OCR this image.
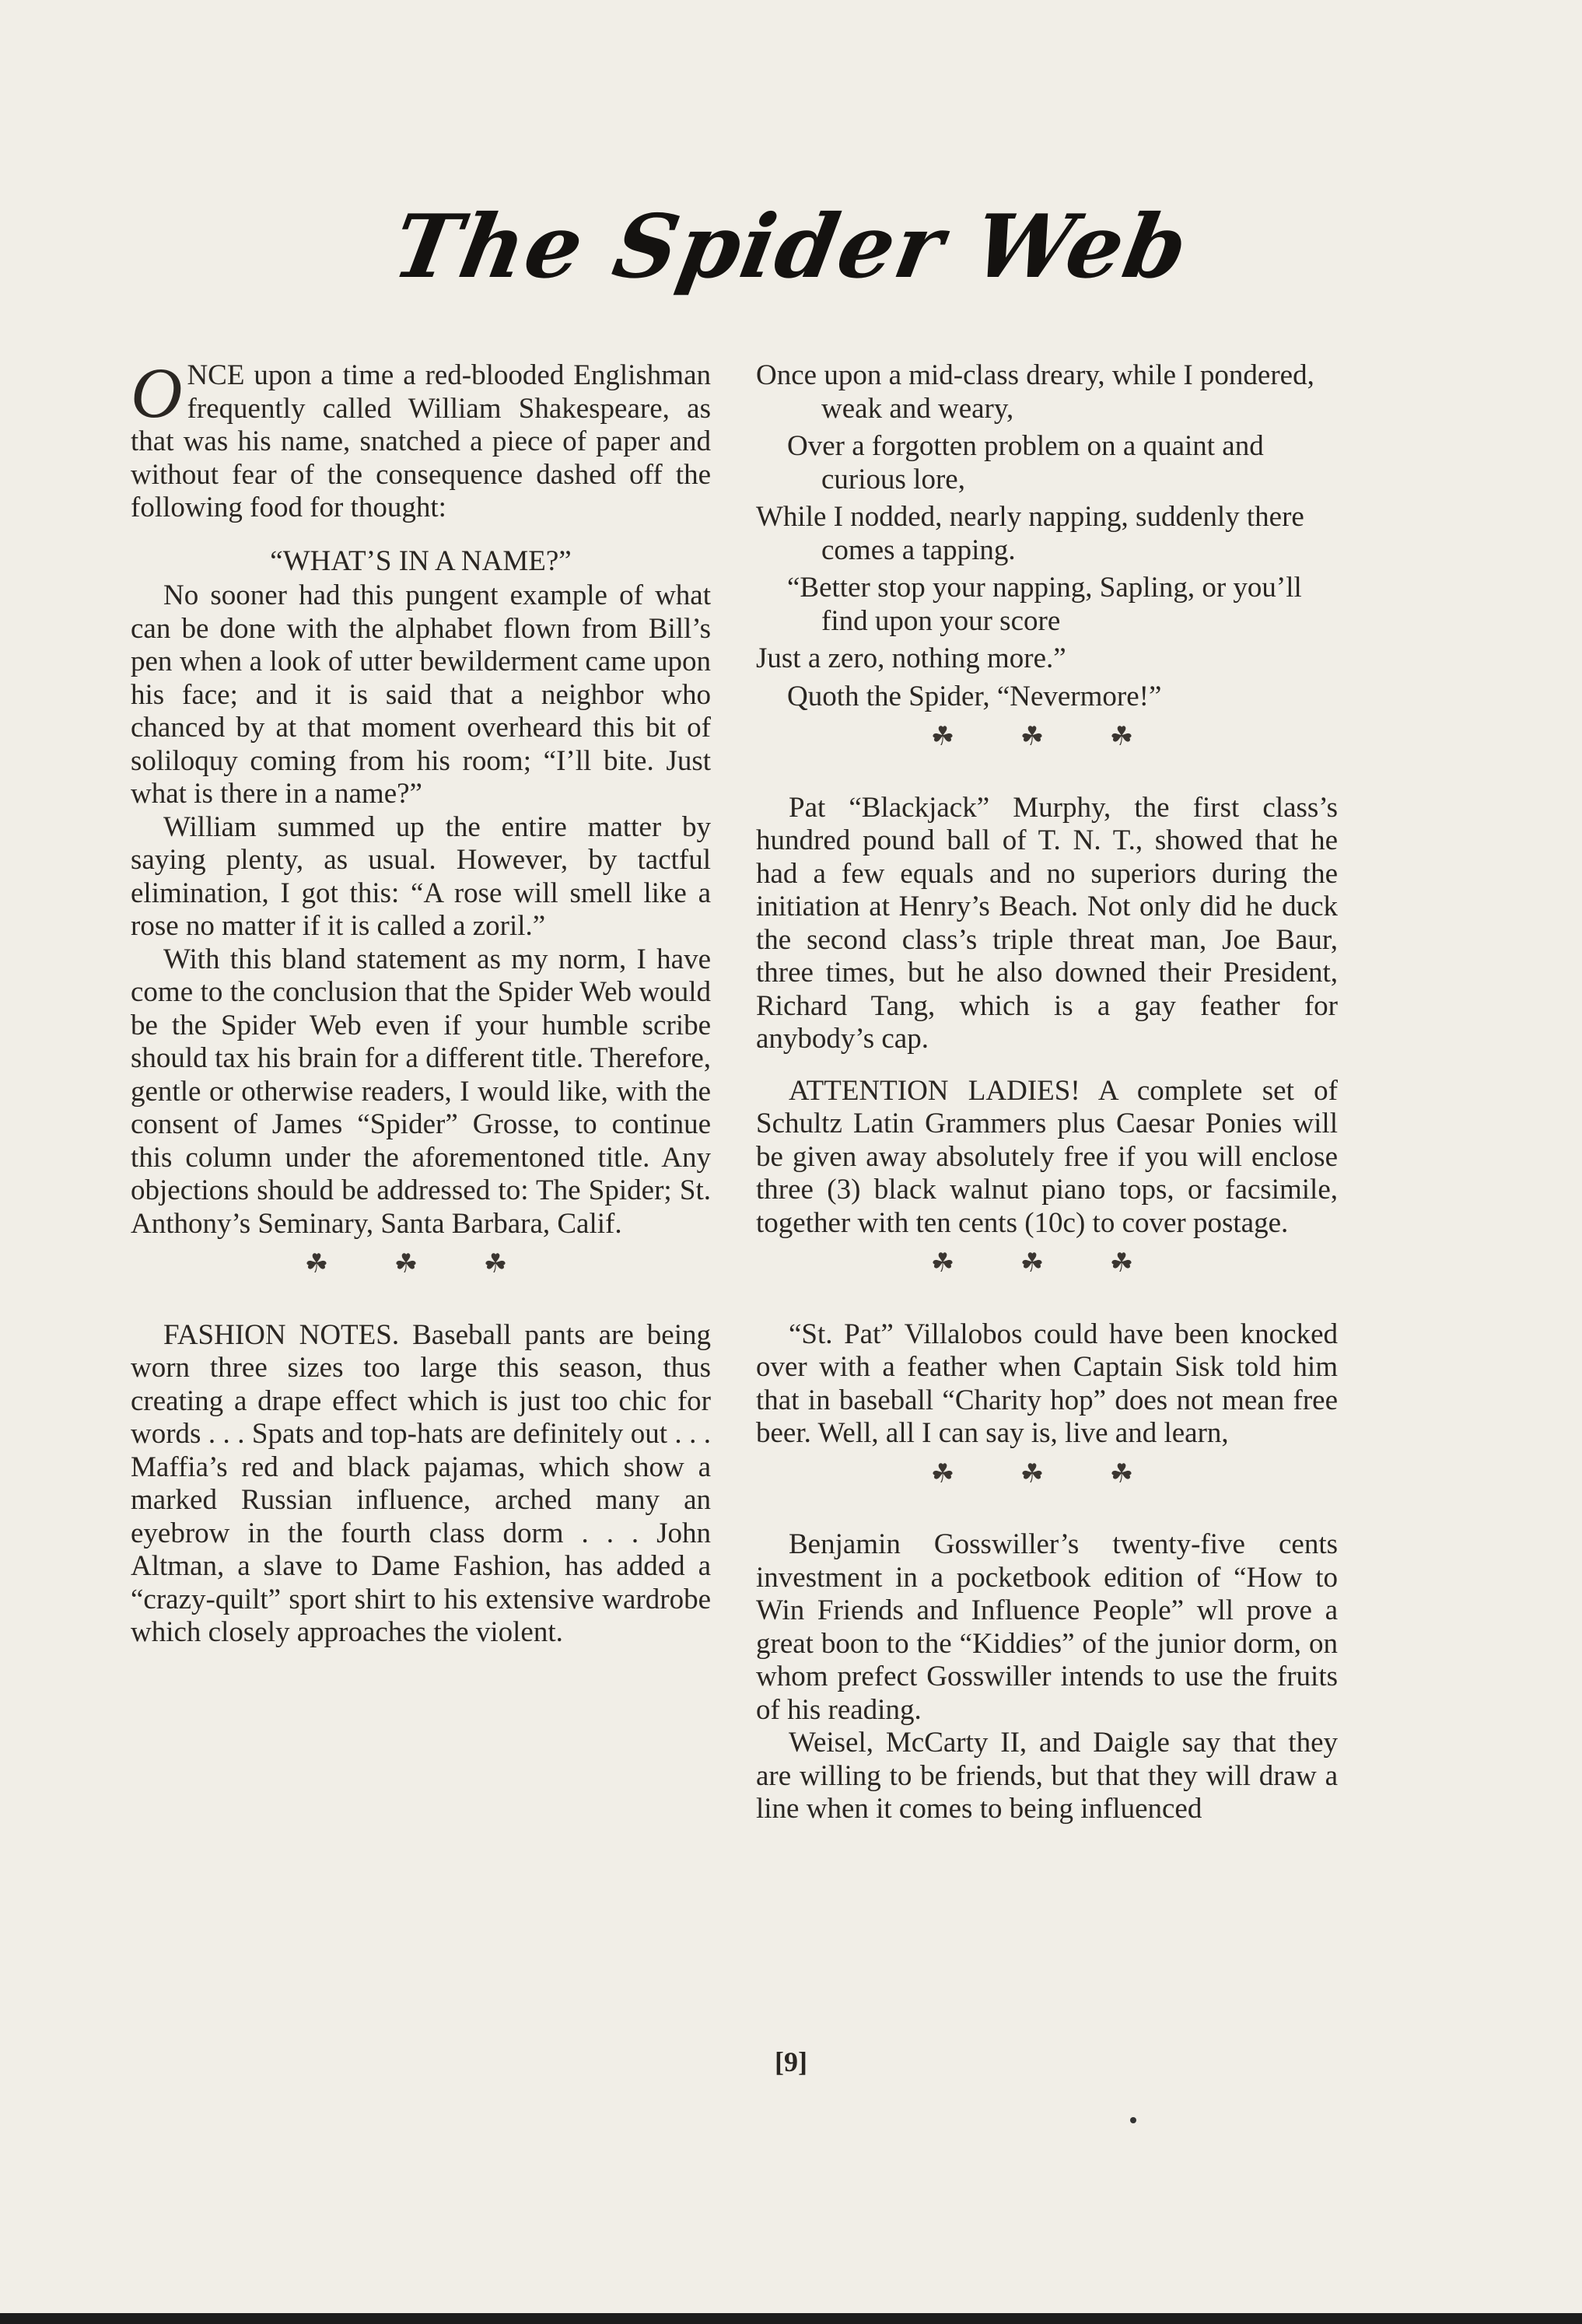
The Spider Web

ONCE upon a time a red-blooded Englishman frequently called William Shakespeare, as that was his name, snatched a piece of paper and without fear of the consequence dashed off the following food for thought:

“WHAT’S IN A NAME?”

No sooner had this pungent example of what can be done with the alphabet flown from Bill’s pen when a look of utter bewilderment came upon his face; and it is said that a neighbor who chanced by at that moment overheard this bit of soliloquy coming from his room; “I’ll bite. Just what is there in a name?”

William summed up the entire matter by saying plenty, as usual. However, by tactful elimination, I got this: “A rose will smell like a rose no matter if it is called a zoril.”

With this bland statement as my norm, I have come to the conclusion that the Spider Web would be the Spider Web even if your humble scribe should tax his brain for a different title. Therefore, gentle or otherwise readers, I would like, with the consent of James “Spider” Grosse, to continue this column under the aforementoned title. Any objections should be addressed to: The Spider; St. Anthony’s Seminary, Santa Barbara, Calif.

☘ ☘ ☘

FASHION NOTES. Baseball pants are being worn three sizes too large this season, thus creating a drape effect which is just too chic for words . . . Spats and top-hats are definitely out . . . Maffia’s red and black pajamas, which show a marked Russian influence, arched many an eyebrow in the fourth class dorm . . . John Altman, a slave to Dame Fashion, has added a “crazy-quilt” sport shirt to his extensive wardrobe which closely approaches the violent.

Once upon a mid-class dreary, while I pondered, weak and weary,

Over a forgotten problem on a quaint and curious lore,

While I nodded, nearly napping, suddenly there comes a tapping.

“Better stop your napping, Sapling, or you’ll find upon your score

Just a zero, nothing more.”

Quoth the Spider, “Nevermore!”

☘ ☘ ☘

Pat “Blackjack” Murphy, the first class’s hundred pound ball of T. N. T., showed that he had a few equals and no superiors during the initiation at Henry’s Beach. Not only did he duck the second class’s triple threat man, Joe Baur, three times, but he also downed their President, Richard Tang, which is a gay feather for anybody’s cap.

ATTENTION LADIES! A complete set of Schultz Latin Grammers plus Caesar Ponies will be given away absolutely free if you will enclose three (3) black walnut piano tops, or facsimile, together with ten cents (10c) to cover postage.

☘ ☘ ☘

“St. Pat” Villalobos could have been knocked over with a feather when Captain Sisk told him that in baseball “Charity hop” does not mean free beer. Well, all I can say is, live and learn,

☘ ☘ ☘

Benjamin Gosswiller’s twenty-five cents investment in a pocketbook edition of “How to Win Friends and Influence People” wll prove a great boon to the “Kiddies” of the junior dorm, on whom prefect Gosswiller intends to use the fruits of his reading.

Weisel, McCarty II, and Daigle say that they are willing to be friends, but that they will draw a line when it comes to being influenced

[9]
